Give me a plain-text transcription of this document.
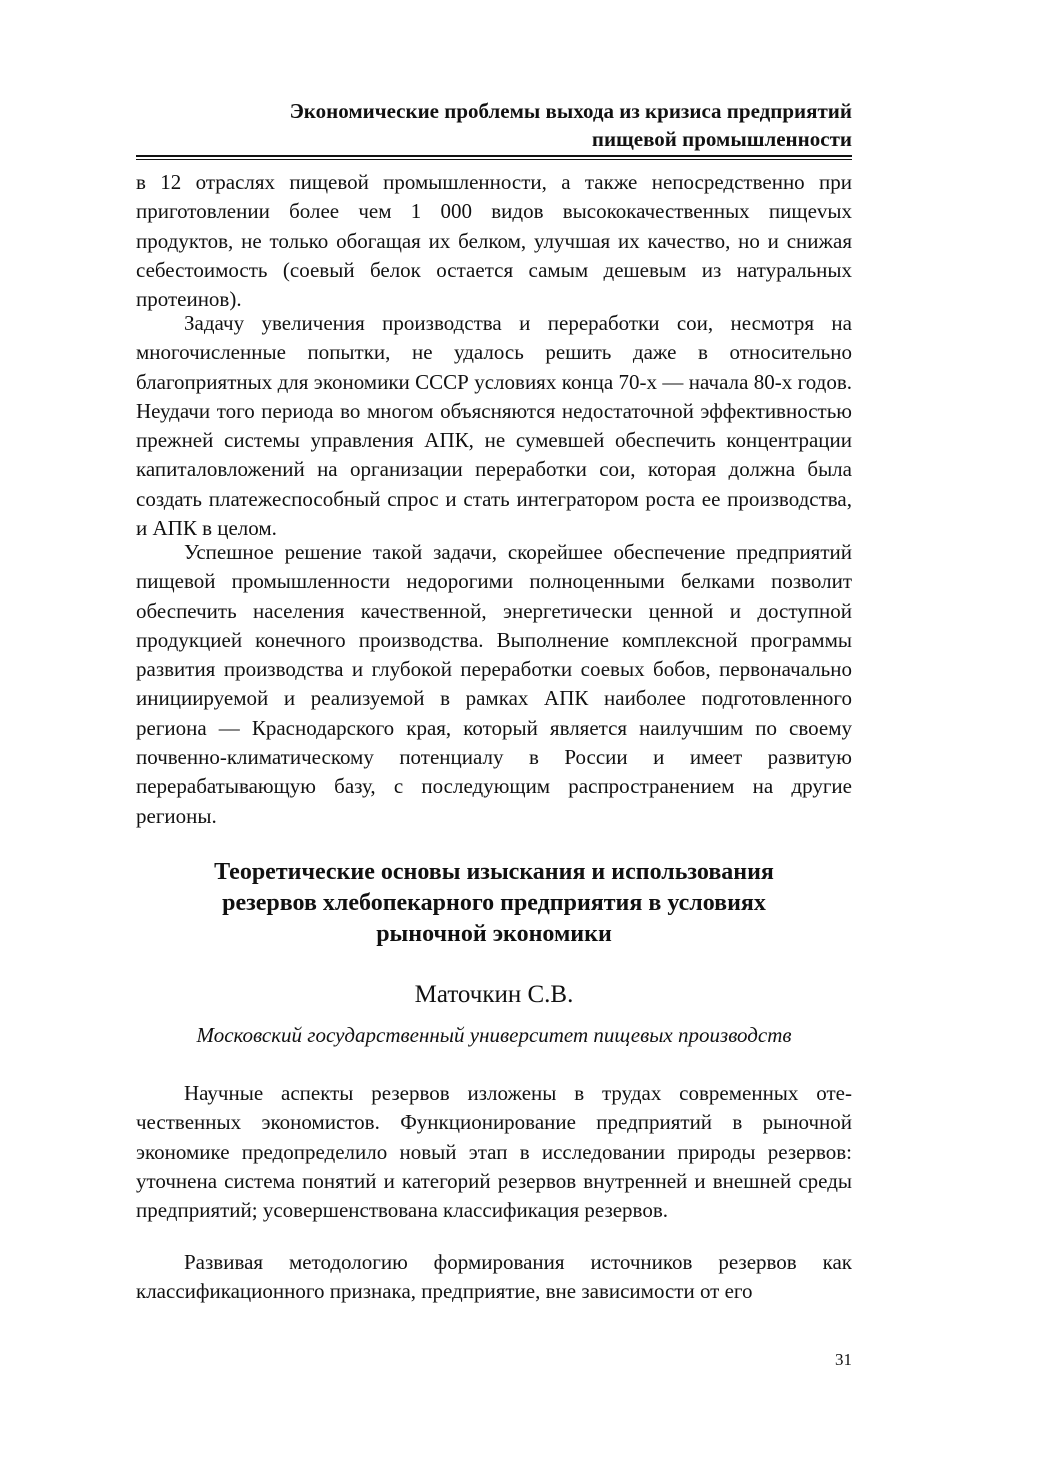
Экономические проблемы выхода из кризиса предприятий
пищевой промышленности

в 12 отраслях пищевой промышленности, а также непосредственно при приготовлении более чем 1 000 видов высококачественных пищеvых продуктов, не только обогащая их белком, улучшая их качество, но и снижая себестоимость (соевый белок остается самым дешевым из натуральных протеинов).

Задачу увеличения производства и переработки сои, несмотря на многочисленные попытки, не удалось решить даже в относительно благоприятных для экономики СССР условиях конца 70-х — начала 80-х годов. Неудачи того периода во многом объясняются недостаточной эффективностью прежней системы управления АПК, не сумевшей обеспечить концентрации капиталовложений на организации переработки сои, которая должна была создать платежеспособный спрос и стать интегратором роста ее производства, и АПК в целом.

Успешное решение такой задачи, скорейшее обеспечение предприятий пищевой промышленности недорогими полноценными белками позволит обеспечить населения качественной, энергетически ценной и доступной продукцией конечного производства. Выполнение комплексной программы развития производства и глубокой переработки соевых бобов, первоначально инициируемой и реализуемой в рамках АПК наиболее подготовленного региона — Краснодарского края, который является наилучшим по своему почвенно-климатическому потенциалу в России и имеет развитую перерабатывающую базу, с последующим распространением на другие регионы.

Теоретические основы изыскания и использования
резервов хлебопекарного предприятия в условиях
рыночной экономики
Маточкин С.В.
Московский государственный университет пищевых производств

Научные аспекты резервов изложены в трудах современных отечественных экономистов. Функционирование предприятий в рыночной экономике предопределило новый этап в исследовании природы резервов: уточнена система понятий и категорий резервов внутренней и внешней среды предприятий; усовершенствована классификация резервов.

Развивая методологию формирования источников резервов как классификационного признака, предприятие, вне зависимости от его

31
